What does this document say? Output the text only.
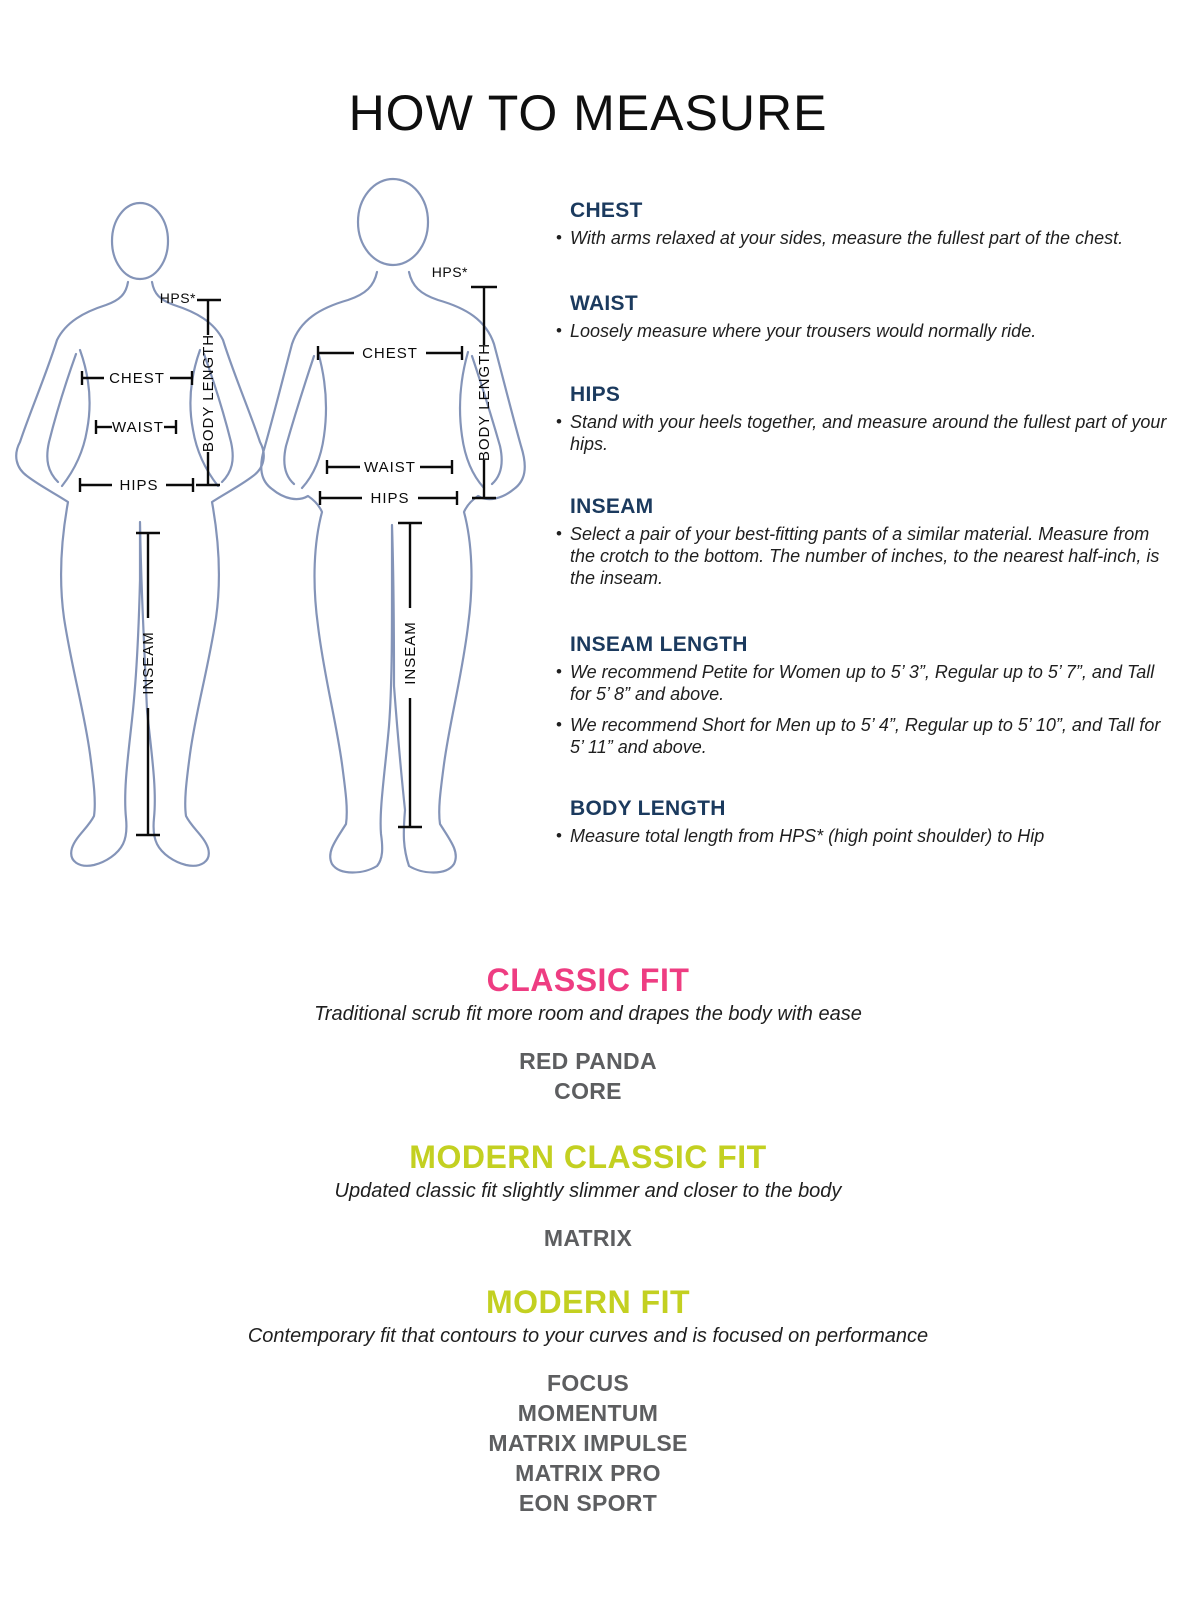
HOW TO MEASURE
HPS*
BODY LENGTH
CHEST
WAIST
HIPS
INSEAM
HPS*
BODY LENGTH
CHEST
WAIST
HIPS
INSEAM
CHEST

• With arms relaxed at your sides, measure the fullest part of the chest.

WAIST

• Loosely measure where your trousers would normally ride.

HIPS

• Stand with your heels together, and measure around the fullest part of your hips.

INSEAM

• Select a pair of your best-fitting pants of a similar material. Measure from the crotch to the bottom. The number of inches, to the nearest half-inch, is the inseam.

INSEAM LENGTH

• We recommend Petite for Women up to 5’ 3”, Regular up to 5’ 7”, and Tall for 5’ 8” and above.

• We recommend Short for Men up to 5’ 4”, Regular up to 5’ 10”, and Tall for 5’ 11” and above.

BODY LENGTH

• Measure total length from HPS* (high point shoulder) to Hip

CLASSIC FIT

Traditional scrub fit more room and drapes the body with ease

RED PANDA
CORE
MODERN CLASSIC FIT

Updated classic fit slightly slimmer and closer to the body

MATRIX
MODERN FIT

Contemporary fit that contours to your curves and is focused on performance

FOCUS
MOMENTUM
MATRIX IMPULSE
MATRIX PRO
EON SPORT
